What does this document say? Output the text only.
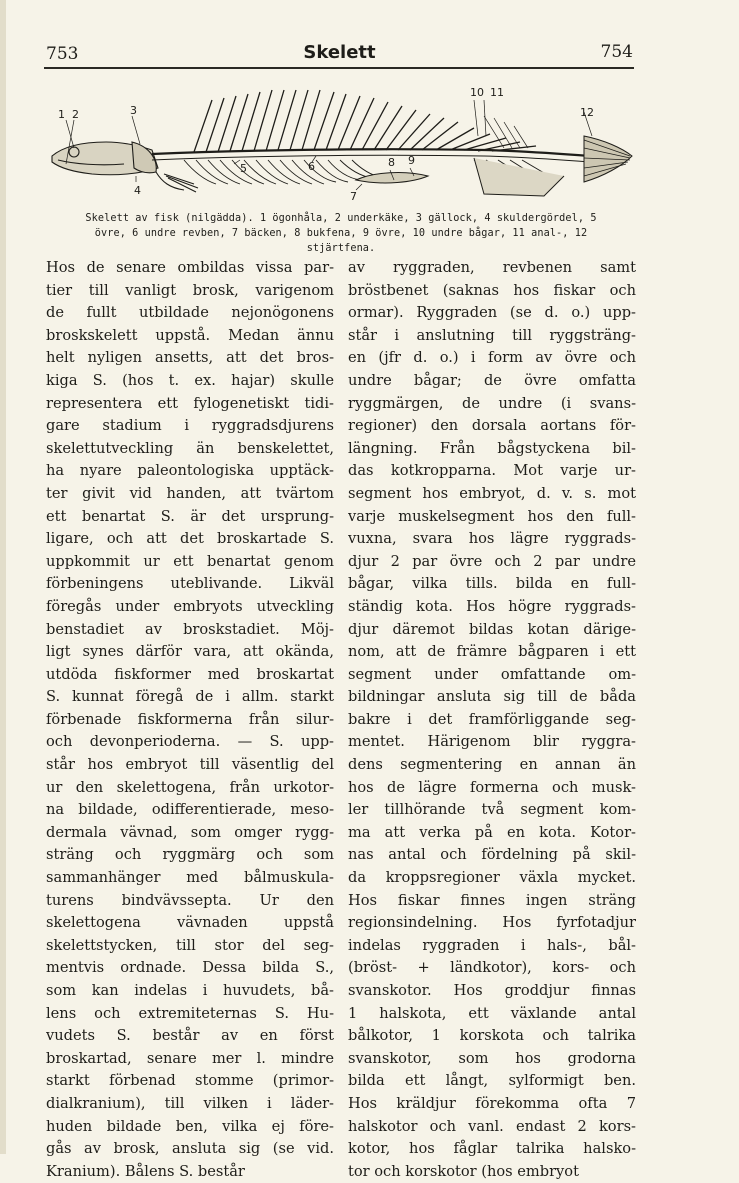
753	Skelett	754
1 2	3
4
5	6
7
8 9
10 11
12
Skelett av fisk (nilgädda). 1 ögonhåla, 2 underkäke, 3 gällock, 4 skuldergördel, 5
övre, 6 undre revben, 7 bäcken, 8 bukfena, 9 övre, 10 undre bågar, 11 anal-, 12
stjärtfena.
Hos de senare ombildas vissa par-
tier till vanligt brosk, varigenom
de fullt utbildade nejonögonens
broskskelett uppstå. Medan ännu
helt nyligen ansetts, att det bros-
kiga S. (hos t. ex. hajar) skulle
representera ett fylogenetiskt tidi-
gare stadium i ryggradsdjurens
skelettutveckling än benskelettet,
ha nyare paleontologiska upptäck-
ter givit vid handen, att tvärtom
ett benartat S. är det ursprung-
ligare, och att det broskartade S.
uppkommit ur ett benartat genom
förbeningens uteblivande. Likväl
föregås under embryots utveckling
benstadiet av broskstadiet. Möj-
ligt synes därför vara, att okända,
utdöda fiskformer med broskartat
S. kunnat föregå de i allm. starkt
förbenade fiskformerna från silur-
och devonperioderna. — S. upp-
står hos embryot till väsentlig del
ur den skelettogena, från urkotor-
na bildade, odifferentierade, meso-
dermala vävnad, som omger rygg-
sträng och ryggmärg och som
sammanhänger med bålmuskula-
turens bindvävssepta. Ur den
skelettogena vävnaden uppstå
skelettstycken, till stor del seg-
mentvis ordnade. Dessa bilda S.,
som kan indelas i huvudets, bå-
lens och extremiteternas S. Hu-
vudets S. består av en först
broskartad, senare mer l. mindre
starkt förbenad stomme (primor-
dialkranium), till vilken i läder-
huden bildade ben, vilka ej före-
gås av brosk, ansluta sig (se vid.
Kranium). Bålens S. består
av ryggraden, revbenen samt
bröstbenet (saknas hos fiskar och
ormar). Ryggraden (se d. o.) upp-
står i anslutning till ryggsträng-
en (jfr d. o.) i form av övre och
undre bågar; de övre omfatta
ryggmärgen, de undre (i svans-
regioner) den dorsala aortans för-
längning. Från bågstyckena bil-
das kotkropparna. Mot varje ur-
segment hos embryot, d. v. s. mot
varje muskelsegment hos den full-
vuxna, svara hos lägre ryggrads-
djur 2 par övre och 2 par undre
bågar, vilka tills. bilda en full-
ständig kota. Hos högre ryggrads-
djur däremot bildas kotan därige-
nom, att de främre bågparen i ett
segment under omfattande om-
bildningar ansluta sig till de båda
bakre i det framförliggande seg-
mentet. Härigenom blir ryggra-
dens segmentering en annan än
hos de lägre formerna och musk-
ler tillhörande två segment kom-
ma att verka på en kota. Kotor-
nas antal och fördelning på skil-
da kroppsregioner växla mycket.
Hos fiskar finnes ingen sträng
regionsindelning. Hos fyrfotadjur
indelas ryggraden i hals-, bål-
(bröst- + ländkotor), kors- och
svanskotor. Hos groddjur finnas
1 halskota, ett växlande antal
bålkotor, 1 korskota och talrika
svanskotor, som hos grodorna
bilda ett långt, sylformigt ben.
Hos kräldjur förekomma ofta 7
halskotor och vanl. endast 2 kors-
kotor, hos fåglar talrika halsko-
tor och korskotor (hos embryot
